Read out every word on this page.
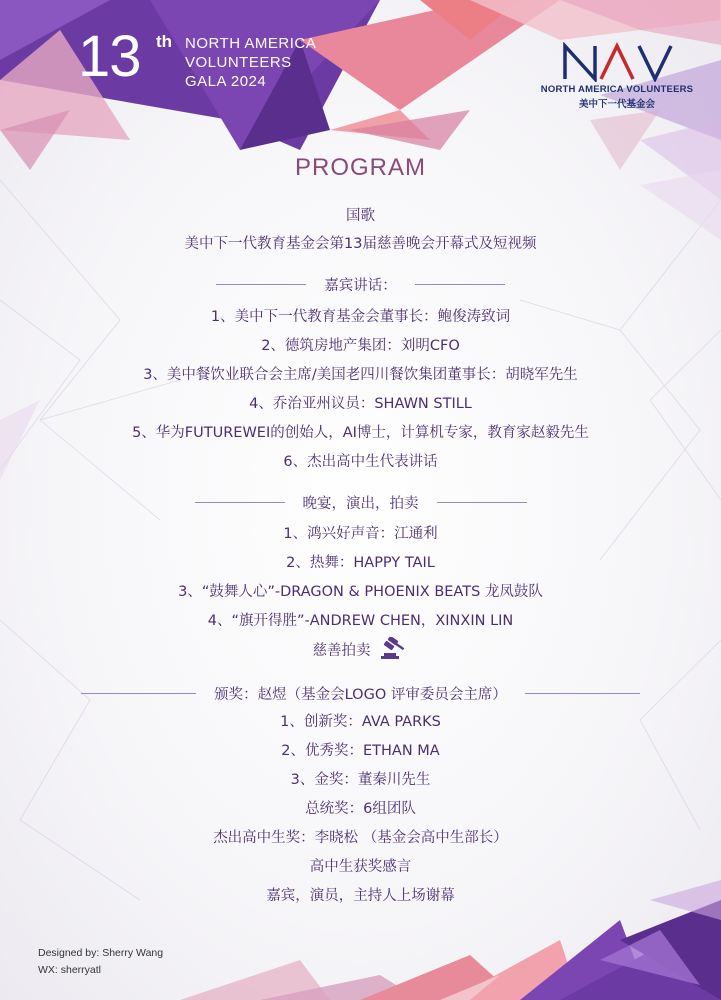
13 th NORTH AMERICA
VOLUNTEERS
GALA 2024	NORTH AMERICA VOLUNTEERS
美中下一代基金会
PROGRAM
国歌
美中下一代教育基金会第13届慈善晚会开幕式及短视频
嘉宾讲话：
1、美中下一代教育基金会董事长：鲍俊涛致词
2、德筑房地产集团：刘明CFO
3、美中餐饮业联合会主席/美国老四川餐饮集团董事长：胡晓军先生
4、乔治亚州议员：SHAWN STILL
5、华为FUTUREWEI的创始人，AI博士，计算机专家，教育家赵毅先生
6、杰出高中生代表讲话
晚宴，演出，拍卖
1、鸿兴好声音：江通利
2、热舞：HAPPY TAIL
3、“鼓舞人心”-DRAGON & PHOENIX BEATS 龙凤鼓队
4、“旗开得胜”-ANDREW CHEN，XINXIN LIN
慈善拍卖
颁奖：赵煜（基金会LOGO 评审委员会主席）
1、创新奖：AVA PARKS
2、优秀奖：ETHAN MA
3、金奖：董秦川先生
总统奖：6组团队
杰出高中生奖：李晓松 （基金会高中生部长）
高中生获奖感言
嘉宾，演员，主持人上场谢幕
Designed by: Sherry Wang
WX: sherryatl
